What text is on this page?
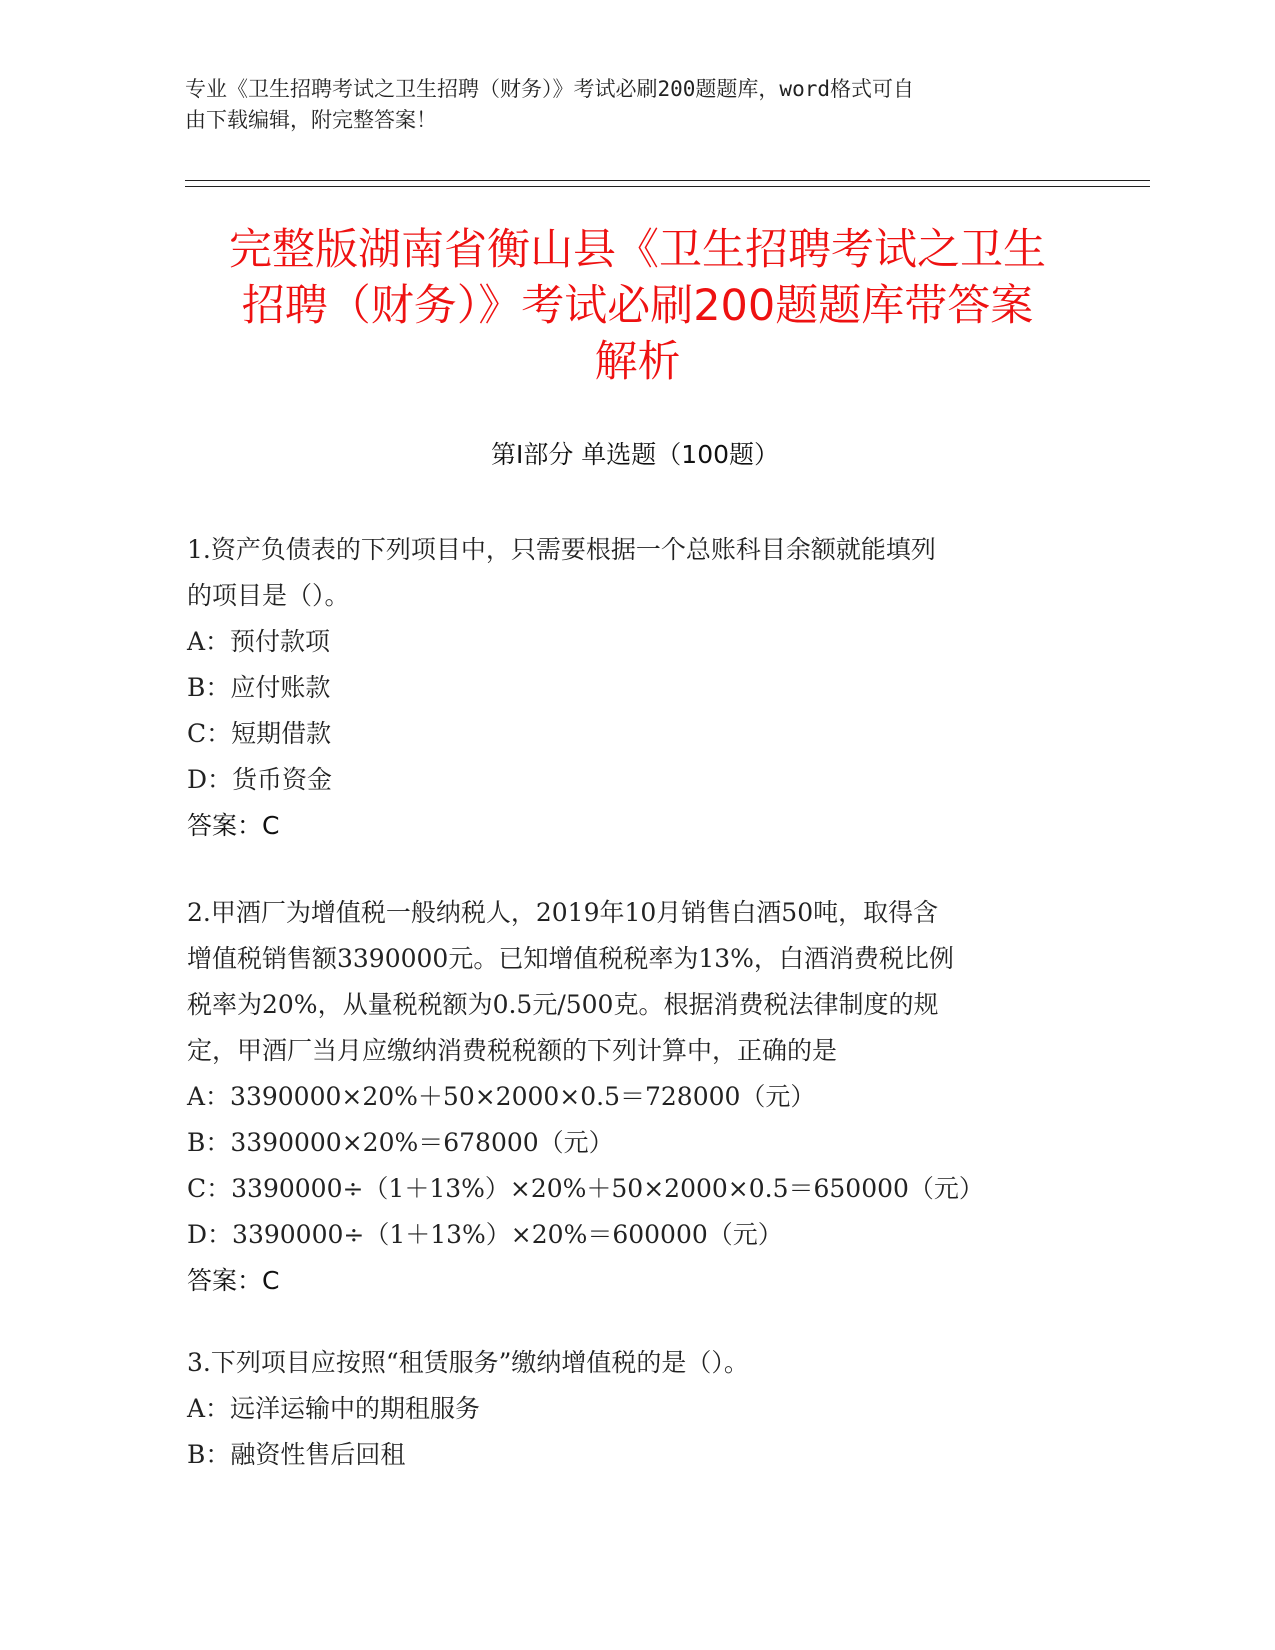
专业《卫生招聘考试之卫生招聘（财务）》考试必刷200题题库，word格式可自
由下载编辑，附完整答案！
完整版湖南省衡山县《卫生招聘考试之卫生
招聘（财务）》考试必刷200题题库带答案
解析
第Ⅰ部分 单选题（100题）

1.资产负债表的下列项目中，只需要根据一个总账科目余额就能填列

的项目是（）。

A：预付款项

B：应付账款

C：短期借款

D：货币资金

答案：C

2.甲酒厂为增值税一般纳税人，2019年10月销售白酒50吨，取得含

增值税销售额3390000元。已知增值税税率为13%，白酒消费税比例

税率为20%，从量税税额为0.5元/500克。根据消费税法律制度的规

定，甲酒厂当月应缴纳消费税税额的下列计算中，正确的是

A：3390000×20%＋50×2000×0.5＝728000（元）

B：3390000×20%＝678000（元）

C：3390000÷（1＋13%）×20%＋50×2000×0.5＝650000（元）

D：3390000÷（1＋13%）×20%＝600000（元）

答案：C

3.下列项目应按照“租赁服务”缴纳增值税的是（）。

A：远洋运输中的期租服务

B：融资性售后回租
